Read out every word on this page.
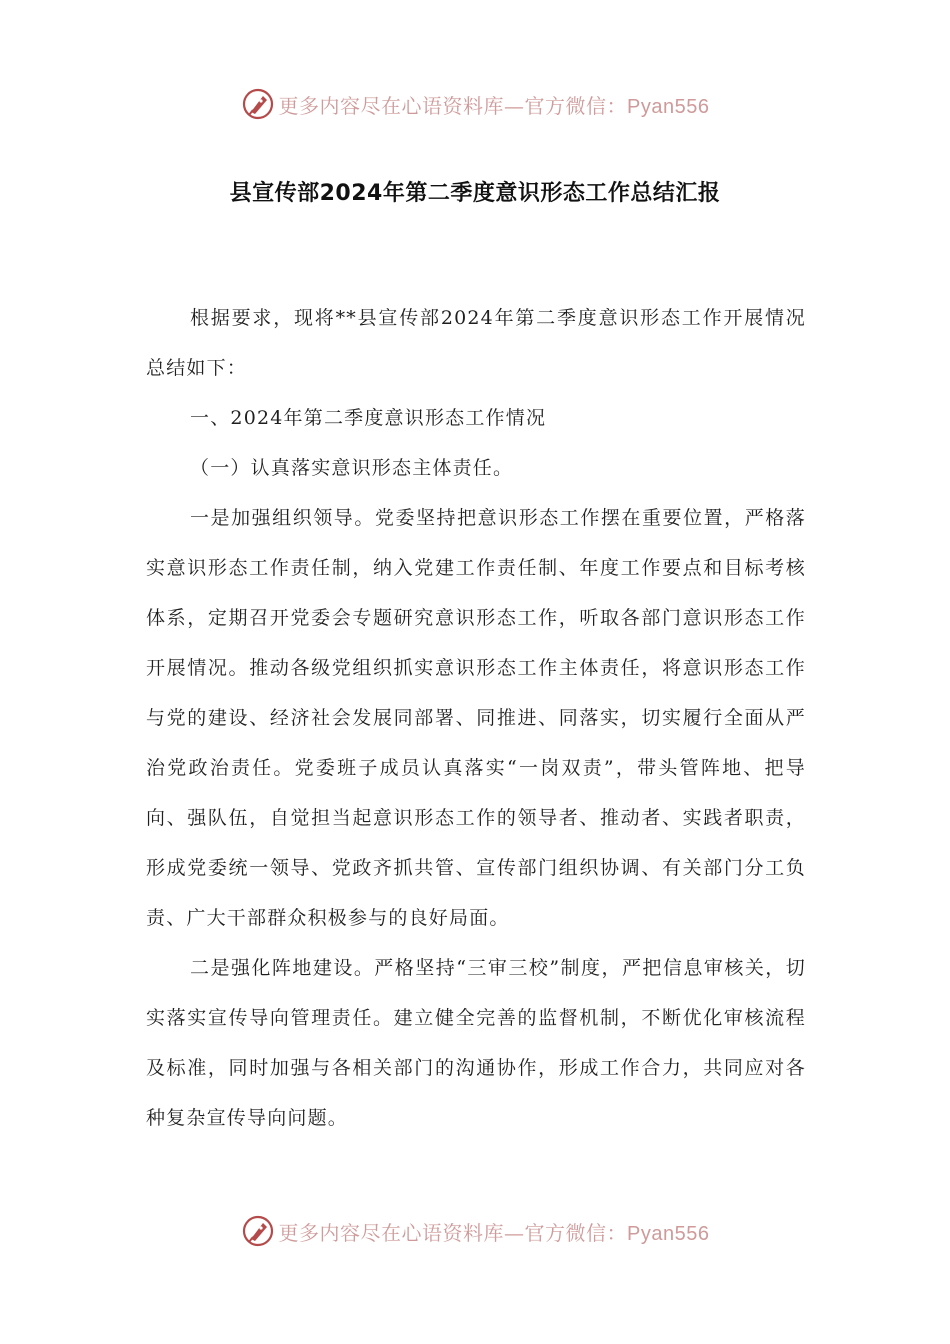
更多内容尽在心语资料库—官方微信：Pyan556
县宣传部2024年第二季度意识形态工作总结汇报

根据要求，现将**县宣传部2024年第二季度意识形态工作开展情况总结如下：

一、2024年第二季度意识形态工作情况

（一）认真落实意识形态主体责任。

一是加强组织领导。党委坚持把意识形态工作摆在重要位置，严格落实意识形态工作责任制，纳入党建工作责任制、年度工作要点和目标考核体系，定期召开党委会专题研究意识形态工作，听取各部门意识形态工作开展情况。推动各级党组织抓实意识形态工作主体责任，将意识形态工作与党的建设、经济社会发展同部署、同推进、同落实，切实履行全面从严治党政治责任。党委班子成员认真落实“一岗双责”，带头管阵地、把导向、强队伍，自觉担当起意识形态工作的领导者、推动者、实践者职责，形成党委统一领导、党政齐抓共管、宣传部门组织协调、有关部门分工负责、广大干部群众积极参与的良好局面。

二是强化阵地建设。严格坚持“三审三校”制度，严把信息审核关，切实落实宣传导向管理责任。建立健全完善的监督机制，不断优化审核流程及标准，同时加强与各相关部门的沟通协作，形成工作合力，共同应对各种复杂宣传导向问题。

更多内容尽在心语资料库—官方微信：Pyan556
